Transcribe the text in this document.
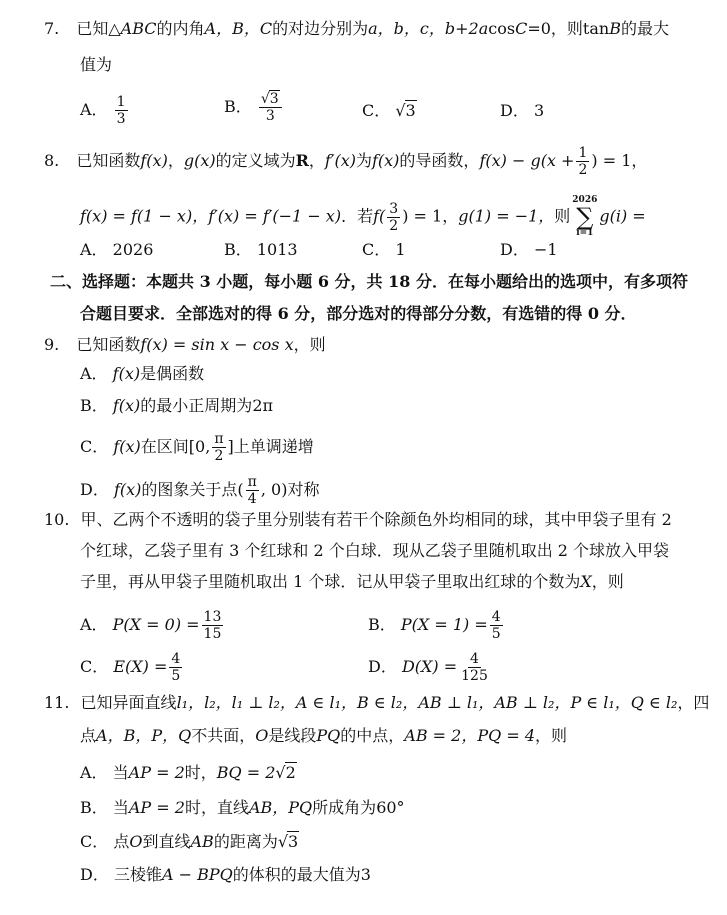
7. 已知△ABC的内角A，B，C的对边分别为a，b，c，b+2acosC=0，则tanB的最大
值为
A． $\frac{1}{3}$	B． $\frac{√3}{3}$	C． √3	D． 3
8. 已知函数f(x)，g(x)的定义域为R，f′(x)为f(x)的导函数，$f(x) - g(x + \frac{1}{2}$ ) = 1，
f(x) = f(1 − x)，f′(x) = f′(−1 − x)．若$f( \frac{3}{2}$ ) = 1，g(1) = −1，则
2026
∑
i=1
g(i) =
A． 2026	B． 1013	C． 1	D． −1
二、选择题：本题共 3 小题，每小题 6 分，共 18 分．在每小题给出的选项中，有多项符
合题目要求．全部选对的得 6 分，部分选对的得部分分数，有选错的得 0 分．
9. 已知函数f(x) = sin x − cos x，则
A． f(x)是偶函数
B． f(x)的最小正周期为2π
C． f(x)在区间[0, $\frac{\pi}{2}$ ]上单调递增
D． f(x)的图象关于点( $\frac{\pi}{4}$ , 0)对称
10. 甲、乙两个不透明的袋子里分别装有若干个除颜色外均相同的球，其中甲袋子里有 2
个红球，乙袋子里有 3 个红球和 2 个白球．现从乙袋子里随机取出 2 个球放入甲袋
子里，再从甲袋子里随机取出 1 个球．记从甲袋子里取出红球的个数为X，则
A． $P(X = 0) = \frac{13}{15}$	B． $P(X = 1) = \frac{4}{5}$
C． $E(X) = \frac{4}{5}$	D． $D(X) = \frac{4}{125}$
11. 已知异面直线l₁，l₂，l₁ ⊥ l₂，A ∈ l₁，B ∈ l₂，AB ⊥ l₁，AB ⊥ l₂，P ∈ l₁，Q ∈ l₂，四
点A，B，P，Q不共面，O是线段PQ的中点，AB = 2，PQ = 4，则
A． 当AP = 2时，BQ = 2√2
B． 当AP = 2时，直线AB，PQ所成角为60°
C． 点O到直线AB的距离为√3
D． 三棱锥A − BPQ的体积的最大值为3
